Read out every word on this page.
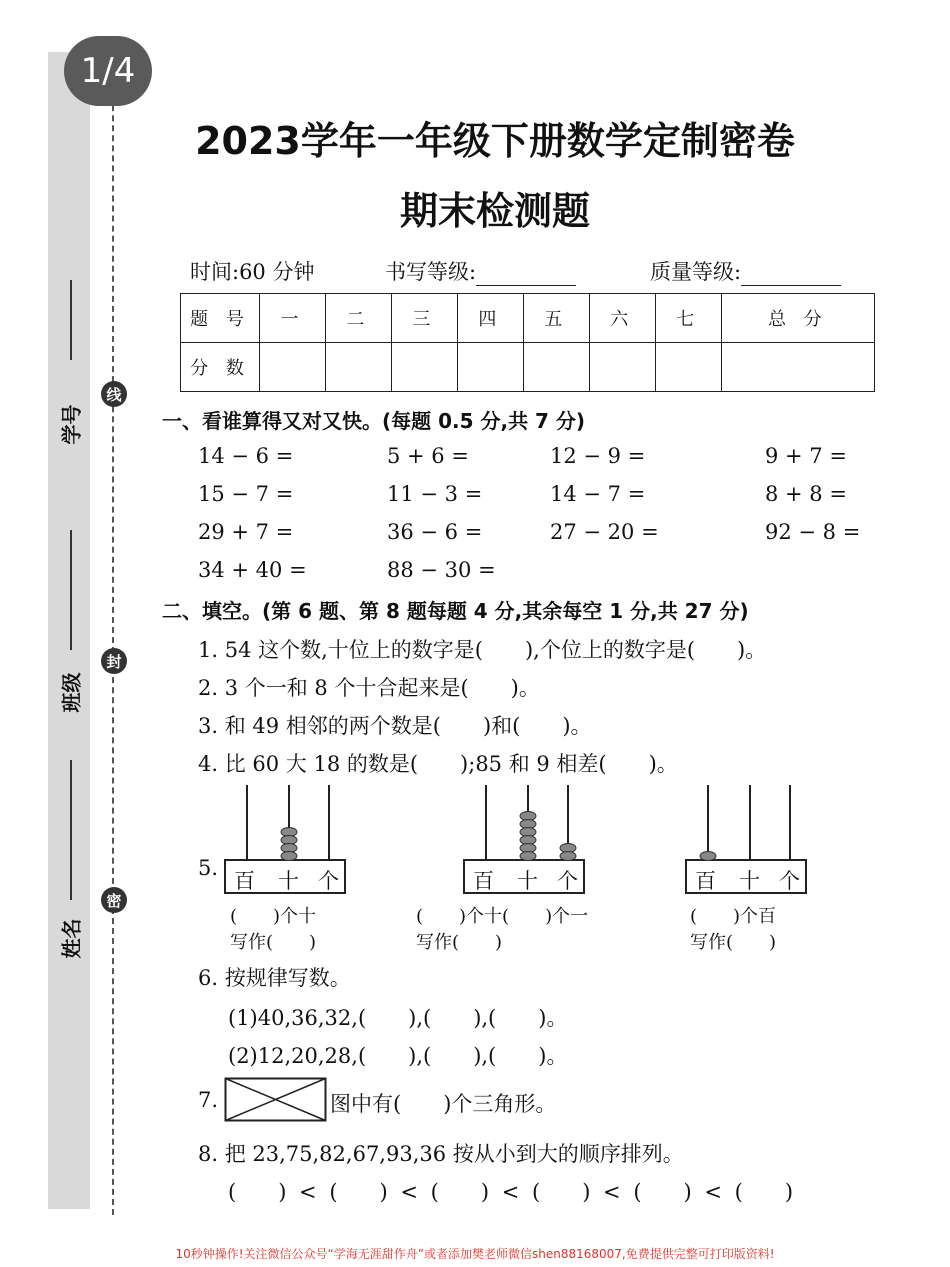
1/4
学号
班级
姓名
线
封
密
2023学年一年级下册数学定制密卷
期末检测题
时间:60 分钟	书写等级:	质量等级:
题 号	一	二	三	四	五	六	七	总 分
分 数								
一、看谁算得又对又快。(每题 0.5 分,共 7 分)
14 − 6 =	5 + 6 =	12 − 9 =	9 + 7 =
15 − 7 =	11 − 3 =	14 − 7 =	8 + 8 =
29 + 7 =	36 − 6 =	27 − 20 =	92 − 8 =
34 + 40 =	88 − 30 =
二、填空。(第 6 题、第 8 题每题 4 分,其余每空 1 分,共 27 分)
1. 54 这个数,十位上的数字是(　　),个位上的数字是(　　)。
2. 3 个一和 8 个十合起来是(　　)。
3. 和 49 相邻的两个数是(　　)和(　　)。
4. 比 60 大 18 的数是(　　);85 和 9 相差(　　)。
5.
百 十 个	百 十 个	百 十 个
(　　)个十
写作(　　)
(　　)个十(　　)个一
写作(　　)
(　　)个百
写作(　　)
6. 按规律写数。
(1)40,36,32,(　　),(　　),(　　)。
(2)12,20,28,(　　),(　　),(　　)。
7.	图中有(　　)个三角形。
8. 把 23,75,82,67,93,36 按从小到大的顺序排列。
(　　) < (　　) < (　　) < (　　) < (　　) < (　　)
10秒钟操作!关注微信公众号“学海无涯甜作舟”或者添加樊老师微信shen88168007,免费提供完整可打印版资料!
